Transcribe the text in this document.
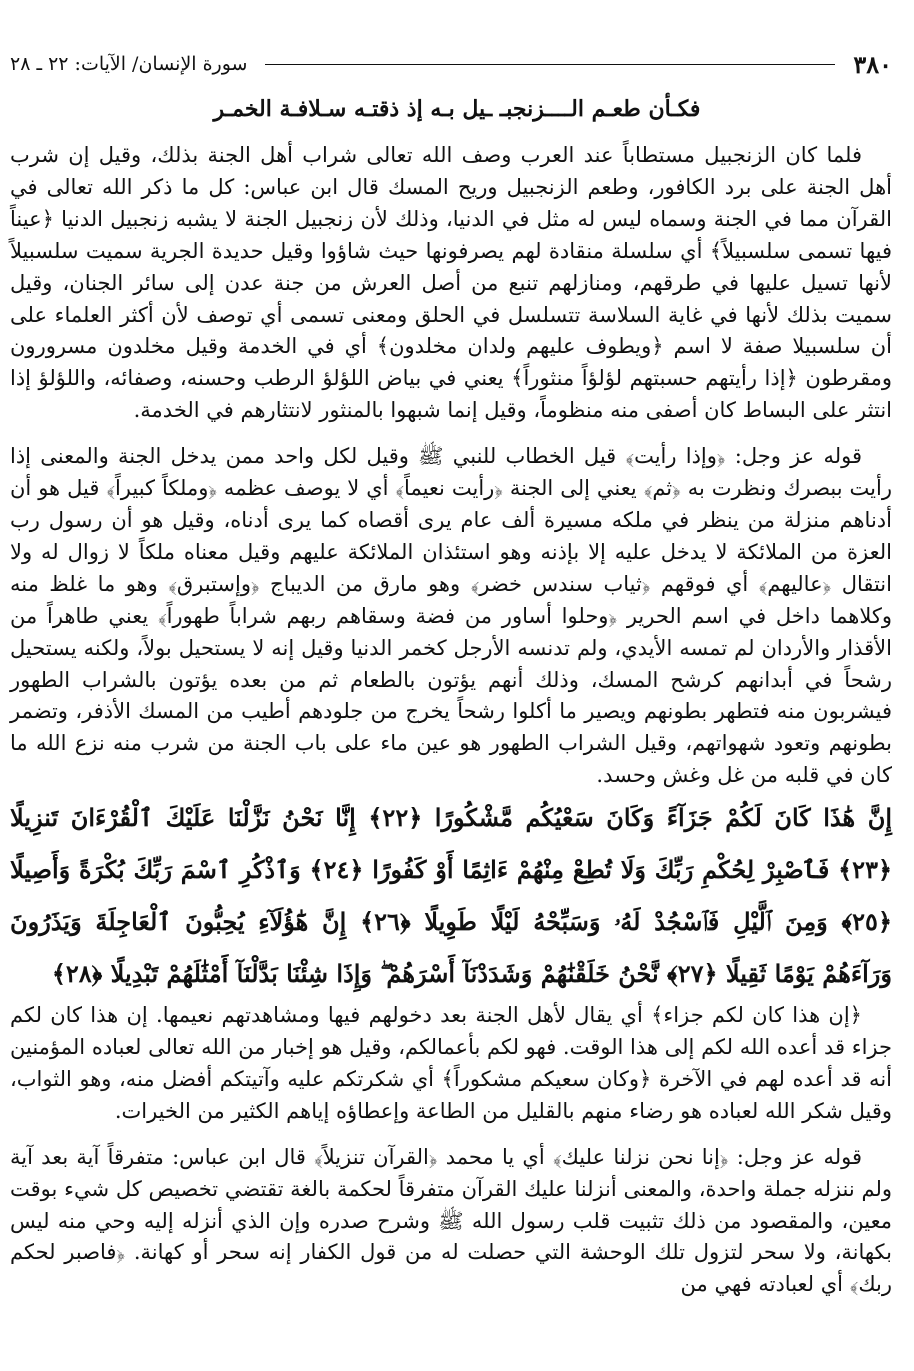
٣٨٠
سورة الإنسان/ الآيات: ٢٢ ـ ٢٨
فكـأن طعـم الــــزنجبـ ـيل بـه إذ ذقتـه سـلافـة الخمـر

فلما كان الزنجبيل مستطاباً عند العرب وصف الله تعالى شراب أهل الجنة بذلك، وقيل إن شرب أهل الجنة على برد الكافور، وطعم الزنجبيل وريح المسك قال ابن عباس: كل ما ذكر الله تعالى في القرآن مما في الجنة وسماه ليس له مثل في الدنيا، وذلك لأن زنجبيل الجنة لا يشبه زنجبيل الدنيا ﴿عيناً فيها تسمى سلسبيلاً﴾ أي سلسلة منقادة لهم يصرفونها حيث شاؤوا وقيل حديدة الجرية سميت سلسبيلاً لأنها تسيل عليها في طرقهم، ومنازلهم تنبع من أصل العرش من جنة عدن إلى سائر الجنان، وقيل سميت بذلك لأنها في غاية السلاسة تتسلسل في الحلق ومعنى تسمى أي توصف لأن أكثر العلماء على أن سلسبيلا صفة لا اسم ﴿ويطوف عليهم ولدان مخلدون﴾ أي في الخدمة وقيل مخلدون مسرورون ومقرطون ﴿إذا رأيتهم حسبتهم لؤلؤاً منثوراً﴾ يعني في بياض اللؤلؤ الرطب وحسنه، وصفائه، واللؤلؤ إذا انتثر على البساط كان أصفى منه منظوماً، وقيل إنما شبهوا بالمنثور لانتثارهم في الخدمة.

قوله عز وجل: ﴿وإذا رأيت﴾ قيل الخطاب للنبي ﷺ وقيل لكل واحد ممن يدخل الجنة والمعنى إذا رأيت ببصرك ونظرت به ﴿ثم﴾ يعني إلى الجنة ﴿رأيت نعيماً﴾ أي لا يوصف عظمه ﴿وملكاً كبيراً﴾ قيل هو أن أدناهم منزلة من ينظر في ملكه مسيرة ألف عام يرى أقصاه كما يرى أدناه، وقيل هو أن رسول رب العزة من الملائكة لا يدخل عليه إلا بإذنه وهو استئذان الملائكة عليهم وقيل معناه ملكاً لا زوال له ولا انتقال ﴿عاليهم﴾ أي فوقهم ﴿ثياب سندس خضر﴾ وهو مارق من الديباج ﴿وإستبرق﴾ وهو ما غلظ منه وكلاهما داخل في اسم الحرير ﴿وحلوا أساور من فضة وسقاهم ربهم شراباً طهوراً﴾ يعني طاهراً من الأقذار والأردان لم تمسه الأيدي، ولم تدنسه الأرجل كخمر الدنيا وقيل إنه لا يستحيل بولاً، ولكنه يستحيل رشحاً في أبدانهم كرشح المسك، وذلك أنهم يؤتون بالطعام ثم من بعده يؤتون بالشراب الطهور فيشربون منه فتطهر بطونهم ويصير ما أكلوا رشحاً يخرج من جلودهم أطيب من المسك الأذفر، وتضمر بطونهم وتعود شهواتهم، وقيل الشراب الطهور هو عين ماء على باب الجنة من شرب منه نزع الله ما كان في قلبه من غل وغش وحسد.

إِنَّ هَٰذَا كَانَ لَكُمْ جَزَآءً وَكَانَ سَعْيُكُم مَّشْكُورًا ﴿٢٢﴾ إِنَّا نَحْنُ نَزَّلْنَا عَلَيْكَ ٱلْقُرْءَانَ تَنزِيلًا ﴿٢٣﴾ فَٱصْبِرْ لِحُكْمِ رَبِّكَ وَلَا تُطِعْ مِنْهُمْ ءَاثِمًا أَوْ كَفُورًا ﴿٢٤﴾ وَٱذْكُرِ ٱسْمَ رَبِّكَ بُكْرَةً وَأَصِيلًا ﴿٢٥﴾ وَمِنَ ٱلَّيْلِ فَٱسْجُدْ لَهُۥ وَسَبِّحْهُ لَيْلًا طَوِيلًا ﴿٢٦﴾ إِنَّ هَٰٓؤُلَآءِ يُحِبُّونَ ٱلْعَاجِلَةَ وَيَذَرُونَ وَرَآءَهُمْ يَوْمًا ثَقِيلًا ﴿٢٧﴾ نَّحْنُ خَلَقْنَٰهُمْ وَشَدَدْنَآ أَسْرَهُمْ ۖ وَإِذَا شِئْنَا بَدَّلْنَآ أَمْثَٰلَهُمْ تَبْدِيلًا ﴿٢٨﴾

﴿إن هذا كان لكم جزاء﴾ أي يقال لأهل الجنة بعد دخولهم فيها ومشاهدتهم نعيمها. إن هذا كان لكم جزاء قد أعده الله لكم إلى هذا الوقت. فهو لكم بأعمالكم، وقيل هو إخبار من الله تعالى لعباده المؤمنين أنه قد أعده لهم في الآخرة ﴿وكان سعيكم مشكوراً﴾ أي شكرتكم عليه وآتيتكم أفضل منه، وهو الثواب، وقيل شكر الله لعباده هو رضاء منهم بالقليل من الطاعة وإعطاؤه إياهم الكثير من الخيرات.

قوله عز وجل: ﴿إنا نحن نزلنا عليك﴾ أي يا محمد ﴿القرآن تنزيلاً﴾ قال ابن عباس: متفرقاً آية بعد آية ولم ننزله جملة واحدة، والمعنى أنزلنا عليك القرآن متفرقاً لحكمة بالغة تقتضي تخصيص كل شيء بوقت معين، والمقصود من ذلك تثبيت قلب رسول الله ﷺ وشرح صدره وإن الذي أنزله إليه وحي منه ليس بكهانة، ولا سحر لتزول تلك الوحشة التي حصلت له من قول الكفار إنه سحر أو كهانة. ﴿فاصبر لحكم ربك﴾ أي لعبادته فهي من
